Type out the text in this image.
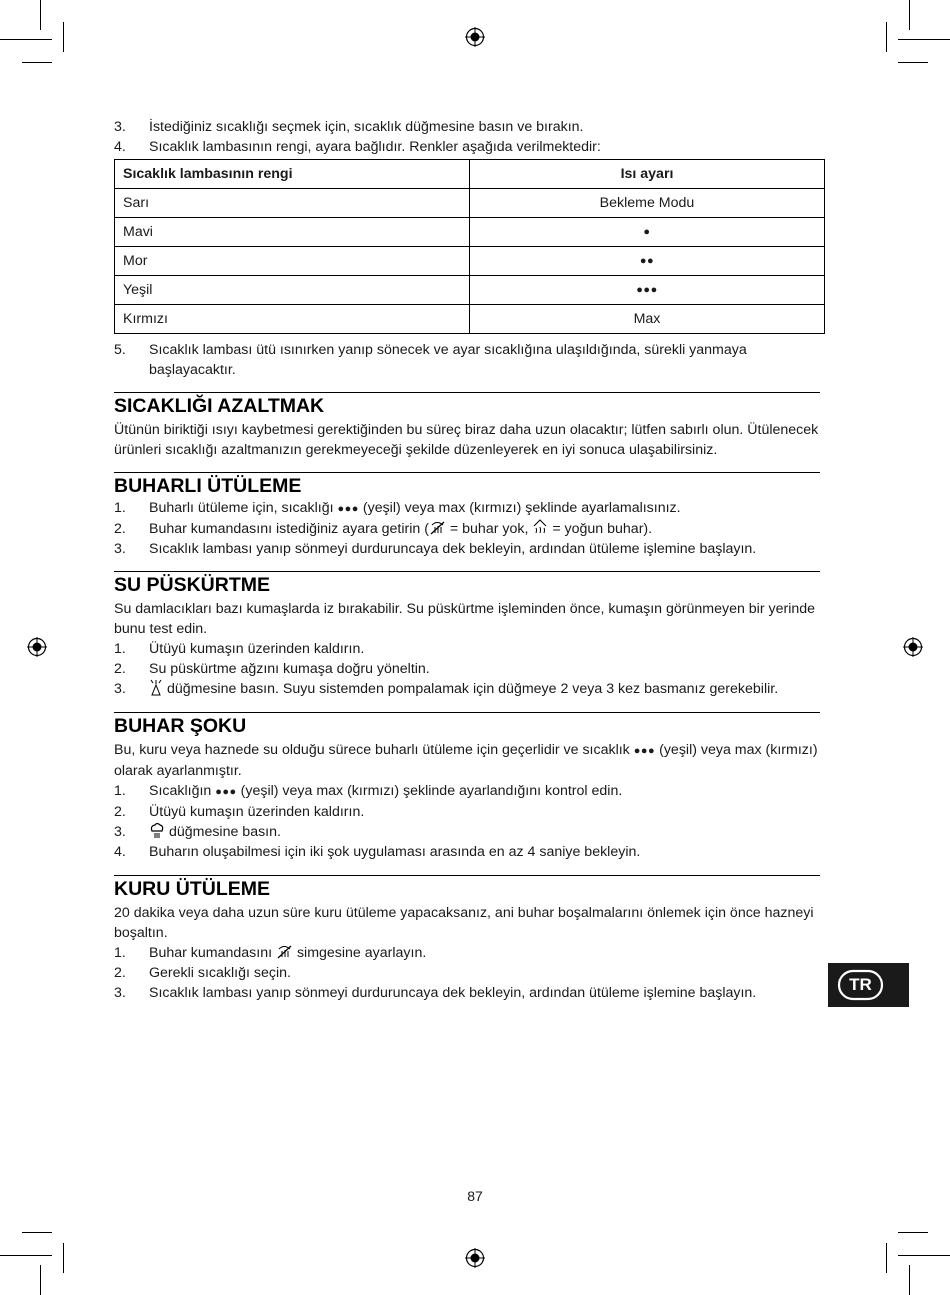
3.	İstediğiniz sıcaklığı seçmek için, sıcaklık düğmesine basın ve bırakın.
4.	Sıcaklık lambasının rengi, ayara bağlıdır. Renkler aşağıda verilmektedir:
Sıcaklık lambasının rengi	Isı ayarı
Sarı	Bekleme Modu
Mavi	●
Mor	●●
Yeşil	●●●
Kırmızı	Max
5.	Sıcaklık lambası ütü ısınırken yanıp sönecek ve ayar sıcaklığına ulaşıldığında, sürekli yanmaya başlayacaktır.
SICAKLIĞI AZALTMAK

Ütünün biriktiği ısıyı kaybetmesi gerektiğinden bu süreç biraz daha uzun olacaktır; lütfen sabırlı olun. Ütülenecek ürünleri sıcaklığı azaltmanızın gerekmeyeceği şekilde düzenleyerek en iyi sonuca ulaşabilirsiniz.

BUHARLI ÜTÜLEME
1.	Buharlı ütüleme için, sıcaklığı ●●● (yeşil) veya max (kırmızı) şeklinde ayarlamalısınız.
2.	Buhar kumandasını istediğiniz ayara getirin ( = buhar yok, = yoğun buhar).
3.	Sıcaklık lambası yanıp sönmeyi durduruncaya dek bekleyin, ardından ütüleme işlemine başlayın.
SU PÜSKÜRTME

Su damlacıkları bazı kumaşlarda iz bırakabilir. Su püskürtme işleminden önce, kumaşın görünmeyen bir yerinde bunu test edin.

1.	Ütüyü kumaşın üzerinden kaldırın.
2.	Su püskürtme ağzını kumaşa doğru yöneltin.
3.	düğmesine basın. Suyu sistemden pompalamak için düğmeye 2 veya 3 kez basmanız gerekebilir.
BUHAR ŞOKU

Bu, kuru veya haznede su olduğu sürece buharlı ütüleme için geçerlidir ve sıcaklık ●●● (yeşil) veya max (kırmızı) olarak ayarlanmıştır.

1.	Sıcaklığın ●●● (yeşil) veya max (kırmızı) şeklinde ayarlandığını kontrol edin.
2.	Ütüyü kumaşın üzerinden kaldırın.
3.	düğmesine basın.
4.	Buharın oluşabilmesi için iki şok uygulaması arasında en az 4 saniye bekleyin.
KURU ÜTÜLEME

20 dakika veya daha uzun süre kuru ütüleme yapacaksanız, ani buhar boşalmalarını önlemek için önce hazneyi boşaltın.

1.	Buhar kumandasını simgesine ayarlayın.
2.	Gerekli sıcaklığı seçin.
3.	Sıcaklık lambası yanıp sönmeyi durduruncaya dek bekleyin, ardından ütüleme işlemine başlayın.	TR
87
